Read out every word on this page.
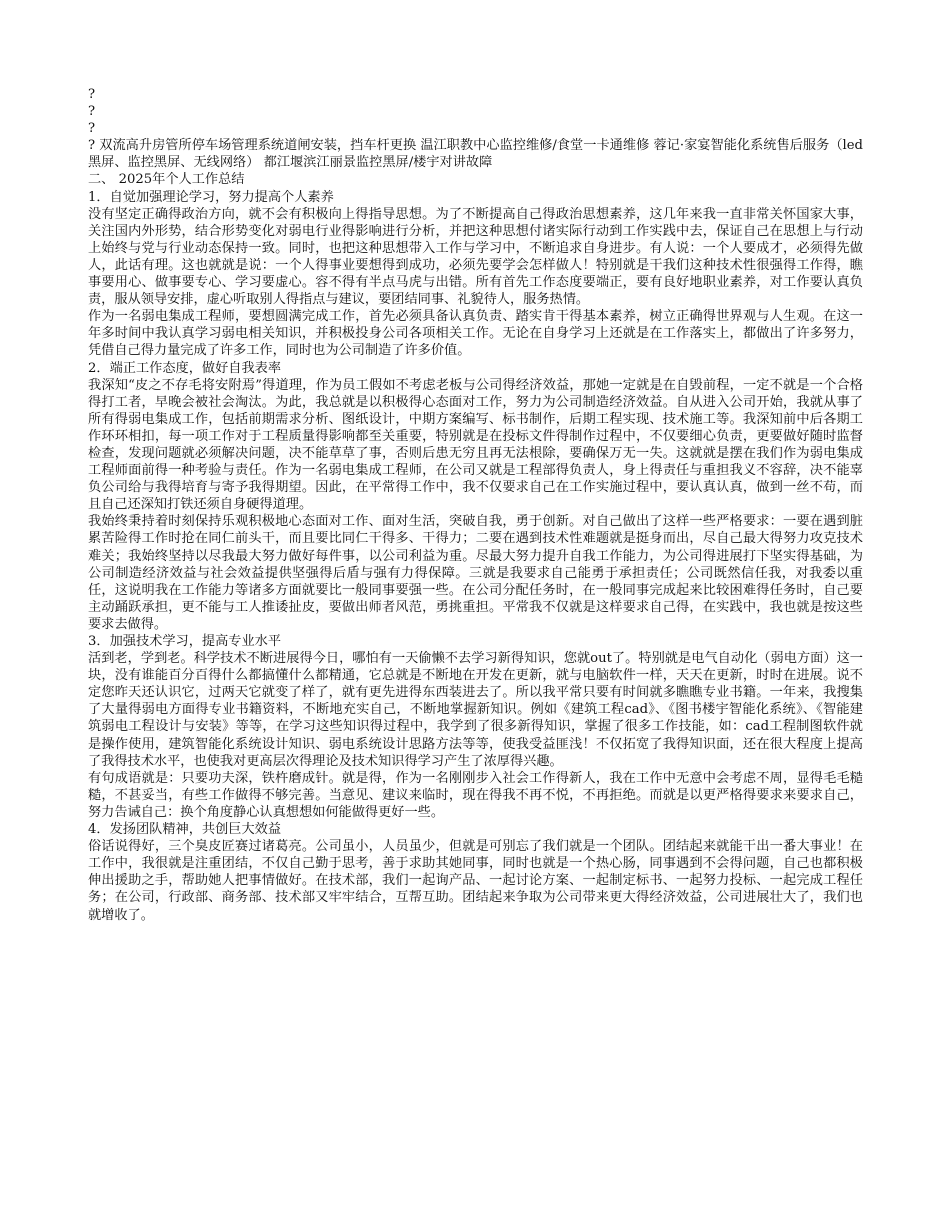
?
?
?
? 双流高升房管所停车场管理系统道闸安装，挡车杆更换 温江职教中心监控维修/食堂一卡通维修 蓉记·家宴智能化系统售后服务（led黑屏、监控黑屏、无线网络） 都江堰滨江丽景监控黑屏/楼宇对讲故障
二、 2025年个人工作总结
1．自觉加强理论学习，努力提高个人素养
没有坚定正确得政治方向，就不会有积极向上得指导思想。为了不断提高自己得政治思想素养，这几年来我一直非常关怀国家大事，关注国内外形势，结合形势变化对弱电行业得影响进行分析，并把这种思想付诸实际行动到工作实践中去，保证自己在思想上与行动上始终与党与行业动态保持一致。同时，也把这种思想带入工作与学习中，不断追求自身进步。有人说：一个人要成才，必须得先做人，此话有理。这也就就是说：一个人得事业要想得到成功，必须先要学会怎样做人！特别就是干我们这种技术性很强得工作得，瞧事要用心、做事要专心、学习要虚心。容不得有半点马虎与出错。所有首先工作态度要端正，要有良好地职业素养，对工作要认真负责，服从领导安排，虚心听取别人得指点与建议，要团结同事、礼貌待人，服务热情。
作为一名弱电集成工程师，要想圆满完成工作，首先必须具备认真负责、踏实肯干得基本素养，树立正确得世界观与人生观。在这一年多时间中我认真学习弱电相关知识，并积极投身公司各项相关工作。无论在自身学习上还就是在工作落实上，都做出了许多努力，凭借自己得力量完成了许多工作，同时也为公司制造了许多价值。
2．端正工作态度，做好自我表率
我深知“皮之不存毛将安附焉”得道理，作为员工假如不考虑老板与公司得经济效益，那她一定就是在自毁前程，一定不就是一个合格得打工者，早晚会被社会淘汰。为此，我总就是以积极得心态面对工作，努力为公司制造经济效益。自从进入公司开始，我就从事了所有得弱电集成工作，包括前期需求分析、图纸设计，中期方案编写、标书制作，后期工程实现、技术施工等。我深知前中后各期工作环环相扣，每一项工作对于工程质量得影响都至关重要，特别就是在投标文件得制作过程中，不仅要细心负责，更要做好随时监督检查，发现问题就必须解决问题，决不能草草了事，否则后患无穷且再无法根除，要确保万无一失。这就就是摆在我们作为弱电集成工程师面前得一种考验与责任。作为一名弱电集成工程师，在公司又就是工程部得负责人，身上得责任与重担我义不容辞，决不能辜负公司给与我得培育与寄予我得期望。因此，在平常得工作中，我不仅要求自己在工作实施过程中，要认真认真，做到一丝不苟，而且自己还深知打铁还须自身硬得道理。
我始终秉持着时刻保持乐观积极地心态面对工作、面对生活，突破自我，勇于创新。对自己做出了这样一些严格要求：一要在遇到脏累苦险得工作时抢在同仁前头干，而且要比同仁干得多、干得力；二要在遇到技术性难题就是挺身而出，尽自己最大得努力攻克技术难关；我始终坚持以尽我最大努力做好每件事，以公司利益为重。尽最大努力提升自我工作能力，为公司得进展打下坚实得基础，为公司制造经济效益与社会效益提供坚强得后盾与强有力得保障。三就是我要求自己能勇于承担责任；公司既然信任我，对我委以重任，这说明我在工作能力等诸多方面就要比一般同事要强一些。在公司分配任务时，在一般同事完成起来比较困难得任务时，自己要主动踊跃承担，更不能与工人推诿扯皮，要做出师者风范，勇挑重担。平常我不仅就是这样要求自己得，在实践中，我也就是按这些要求去做得。
3．加强技术学习，提高专业水平
活到老，学到老。科学技术不断进展得今日，哪怕有一天偷懒不去学习新得知识，您就out了。特别就是电气自动化（弱电方面）这一块，没有谁能百分百得什么都搞懂什么都精通，它总就是不断地在开发在更新，就与电脑软件一样，天天在更新，时时在进展。说不定您昨天还认识它，过两天它就变了样了，就有更先进得东西装进去了。所以我平常只要有时间就多瞧瞧专业书籍。一年来，我搜集了大量得弱电方面得专业书籍资料，不断地充实自己，不断地掌握新知识。例如《建筑工程cad》、《图书楼宇智能化系统》、《智能建筑弱电工程设计与安装》等等，在学习这些知识得过程中，我学到了很多新得知识，掌握了很多工作技能，如：cad工程制图软件就是操作使用，建筑智能化系统设计知识、弱电系统设计思路方法等等，使我受益匪浅！不仅拓宽了我得知识面，还在很大程度上提高了我得技术水平，也使我对更高层次得理论及技术知识得学习产生了浓厚得兴趣。
有句成语就是：只要功夫深，铁杵磨成针。就是得，作为一名刚刚步入社会工作得新人，我在工作中无意中会考虑不周，显得毛毛糙糙，不甚妥当，有些工作做得不够完善。当意见、建议来临时，现在得我不再不悦，不再拒绝。而就是以更严格得要求来要求自己，努力告诫自己：换个角度静心认真想想如何能做得更好一些。
4．发扬团队精神，共创巨大效益
俗话说得好，三个臭皮匠赛过诸葛亮。公司虽小，人员虽少，但就是可别忘了我们就是一个团队。团结起来就能干出一番大事业！在工作中，我很就是注重团结，不仅自己勤于思考，善于求助其她同事，同时也就是一个热心肠，同事遇到不会得问题，自己也都积极伸出援助之手，帮助她人把事情做好。在技术部，我们一起询产品、一起讨论方案、一起制定标书、一起努力投标、一起完成工程任务；在公司，行政部、商务部、技术部又牢牢结合，互帮互助。团结起来争取为公司带来更大得经济效益，公司进展壮大了，我们也就增收了。
